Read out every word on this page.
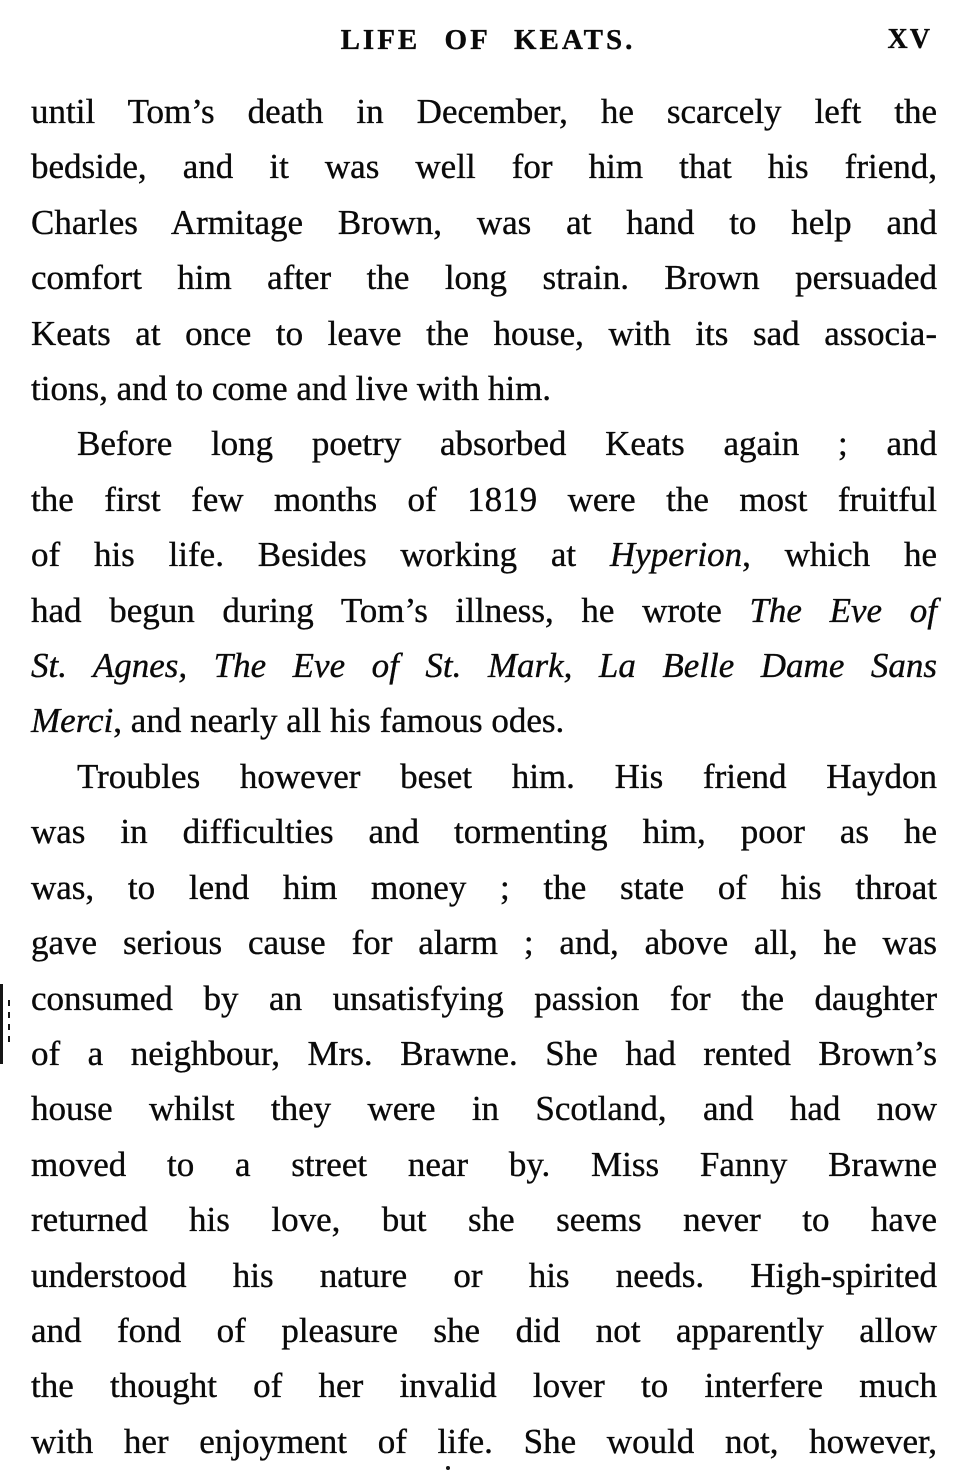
LIFE OF KEATS.	XV
until Tom’s death in December, he scarcely left the
bedside, and it was well for him that his friend,
Charles Armitage Brown, was at hand to help and
comfort him after the long strain. Brown persuaded
Keats at once to leave the house, with its sad associa-
tions, and to come and live with him.
Before long poetry absorbed Keats again ; and
the first few months of 1819 were the most fruitful
of his life. Besides working at Hyperion, which he
had begun during Tom’s illness, he wrote The Eve of
St. Agnes, The Eve of St. Mark, La Belle Dame Sans
Merci, and nearly all his famous odes.
Troubles however beset him. His friend Haydon
was in difficulties and tormenting him, poor as he
was, to lend him money ; the state of his throat
gave serious cause for alarm ; and, above all, he was
consumed by an unsatisfying passion for the daughter
of a neighbour, Mrs. Brawne. She had rented Brown’s
house whilst they were in Scotland, and had now
moved to a street near by. Miss Fanny Brawne
returned his love, but she seems never to have
understood his nature or his needs. High-spirited
and fond of pleasure she did not apparently allow
the thought of her invalid lover to interfere much
with her enjoyment of life. She would not, however,
